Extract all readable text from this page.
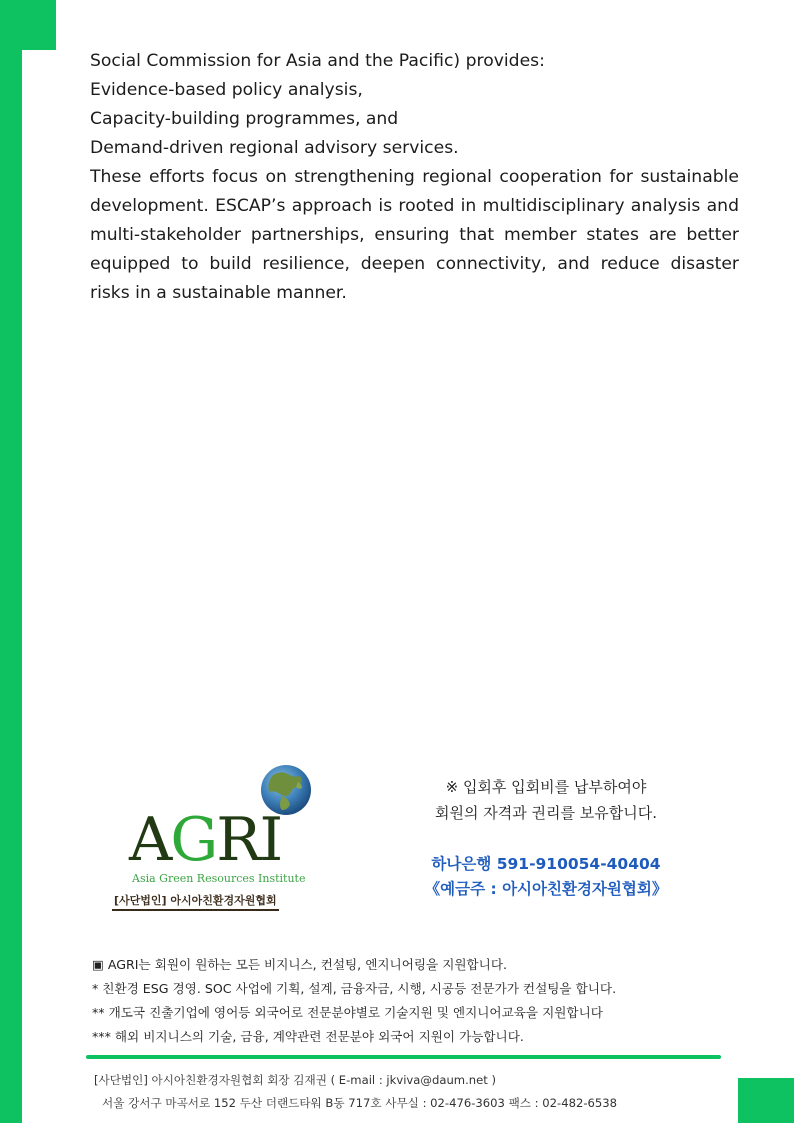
Social Commission for Asia and the Pacific) provides:
Evidence-based policy analysis,
Capacity-building programmes, and
Demand-driven regional advisory services.

These efforts focus on strengthening regional cooperation for sustainable development. ESCAP’s approach is rooted in multidisciplinary analysis and multi-stakeholder partnerships, ensuring that member states are better equipped to build resilience, deepen connectivity, and reduce disaster risks in a sustainable manner.

AGRI
Asia Green Resources Institute
[사단법인] 아시아친환경자원협회
※ 입회후 입회비를 납부하여야
회원의 자격과 권리를 보유합니다.
하나은행 591-910054-40404
《예금주 : 아시아친환경자원협회》
▣ AGRI는 회원이 원하는 모든 비지니스, 컨설팅, 엔지니어링을 지원합니다.
* 친환경 ESG 경영. SOC 사업에 기획, 설계, 금융자금, 시행, 시공등 전문가가 컨설팅을 합니다.
** 개도국 진출기업에 영어등 외국어로 전문분야별로 기술지원 및 엔지니어교육을 지원합니다
*** 해외 비지니스의 기술, 금융, 계약관련 전문분야 외국어 지원이 가능합니다.
[사단법인] 아시아친환경자원협회 회장 김재권 ( E-mail : jkviva@daum.net )
서울 강서구 마곡서로 152 두산 더랜드타워 B동 717호 사무실 : 02-476-3603 팩스 : 02-482-6538
